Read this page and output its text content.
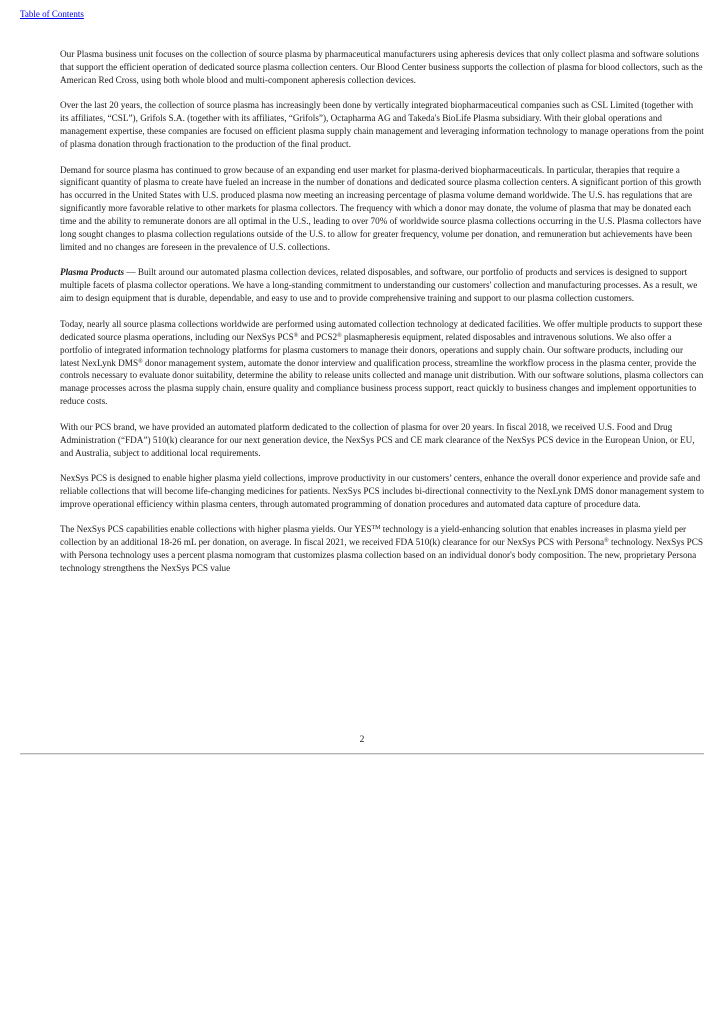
Table of Contents

Our Plasma business unit focuses on the collection of source plasma by pharmaceutical manufacturers using apheresis devices that only collect plasma and software solutions that support the efficient operation of dedicated source plasma collection centers. Our Blood Center business supports the collection of plasma for blood collectors, such as the American Red Cross, using both whole blood and multi-component apheresis collection devices.

Over the last 20 years, the collection of source plasma has increasingly been done by vertically integrated biopharmaceutical companies such as CSL Limited (together with its affiliates, “CSL”), Grifols S.A. (together with its affiliates, “Grifols”), Octapharma AG and Takeda's BioLife Plasma subsidiary. With their global operations and management expertise, these companies are focused on efficient plasma supply chain management and leveraging information technology to manage operations from the point of plasma donation through fractionation to the production of the final product.

Demand for source plasma has continued to grow because of an expanding end user market for plasma-derived biopharmaceuticals. In particular, therapies that require a significant quantity of plasma to create have fueled an increase in the number of donations and dedicated source plasma collection centers. A significant portion of this growth has occurred in the United States with U.S. produced plasma now meeting an increasing percentage of plasma volume demand worldwide. The U.S. has regulations that are significantly more favorable relative to other markets for plasma collectors. The frequency with which a donor may donate, the volume of plasma that may be donated each time and the ability to remunerate donors are all optimal in the U.S., leading to over 70% of worldwide source plasma collections occurring in the U.S. Plasma collectors have long sought changes to plasma collection regulations outside of the U.S. to allow for greater frequency, volume per donation, and remuneration but achievements have been limited and no changes are foreseen in the prevalence of U.S. collections.

Plasma Products — Built around our automated plasma collection devices, related disposables, and software, our portfolio of products and services is designed to support multiple facets of plasma collector operations. We have a long-standing commitment to understanding our customers' collection and manufacturing processes. As a result, we aim to design equipment that is durable, dependable, and easy to use and to provide comprehensive training and support to our plasma collection customers.

Today, nearly all source plasma collections worldwide are performed using automated collection technology at dedicated facilities. We offer multiple products to support these dedicated source plasma operations, including our NexSys PCS® and PCS2® plasmapheresis equipment, related disposables and intravenous solutions. We also offer a portfolio of integrated information technology platforms for plasma customers to manage their donors, operations and supply chain. Our software products, including our latest NexLynk DMS® donor management system, automate the donor interview and qualification process, streamline the workflow process in the plasma center, provide the controls necessary to evaluate donor suitability, determine the ability to release units collected and manage unit distribution. With our software solutions, plasma collectors can manage processes across the plasma supply chain, ensure quality and compliance business process support, react quickly to business changes and implement opportunities to reduce costs.

With our PCS brand, we have provided an automated platform dedicated to the collection of plasma for over 20 years. In fiscal 2018, we received U.S. Food and Drug Administration (“FDA”) 510(k) clearance for our next generation device, the NexSys PCS and CE mark clearance of the NexSys PCS device in the European Union, or EU, and Australia, subject to additional local requirements.

NexSys PCS is designed to enable higher plasma yield collections, improve productivity in our customers’ centers, enhance the overall donor experience and provide safe and reliable collections that will become life-changing medicines for patients. NexSys PCS includes bi-directional connectivity to the NexLynk DMS donor management system to improve operational efficiency within plasma centers, through automated programming of donation procedures and automated data capture of procedure data.

The NexSys PCS capabilities enable collections with higher plasma yields. Our YES™ technology is a yield-enhancing solution that enables increases in plasma yield per collection by an additional 18-26 mL per donation, on average. In fiscal 2021, we received FDA 510(k) clearance for our NexSys PCS with Persona® technology. NexSys PCS with Persona technology uses a percent plasma nomogram that customizes plasma collection based on an individual donor's body composition. The new, proprietary Persona technology strengthens the NexSys PCS value

2
